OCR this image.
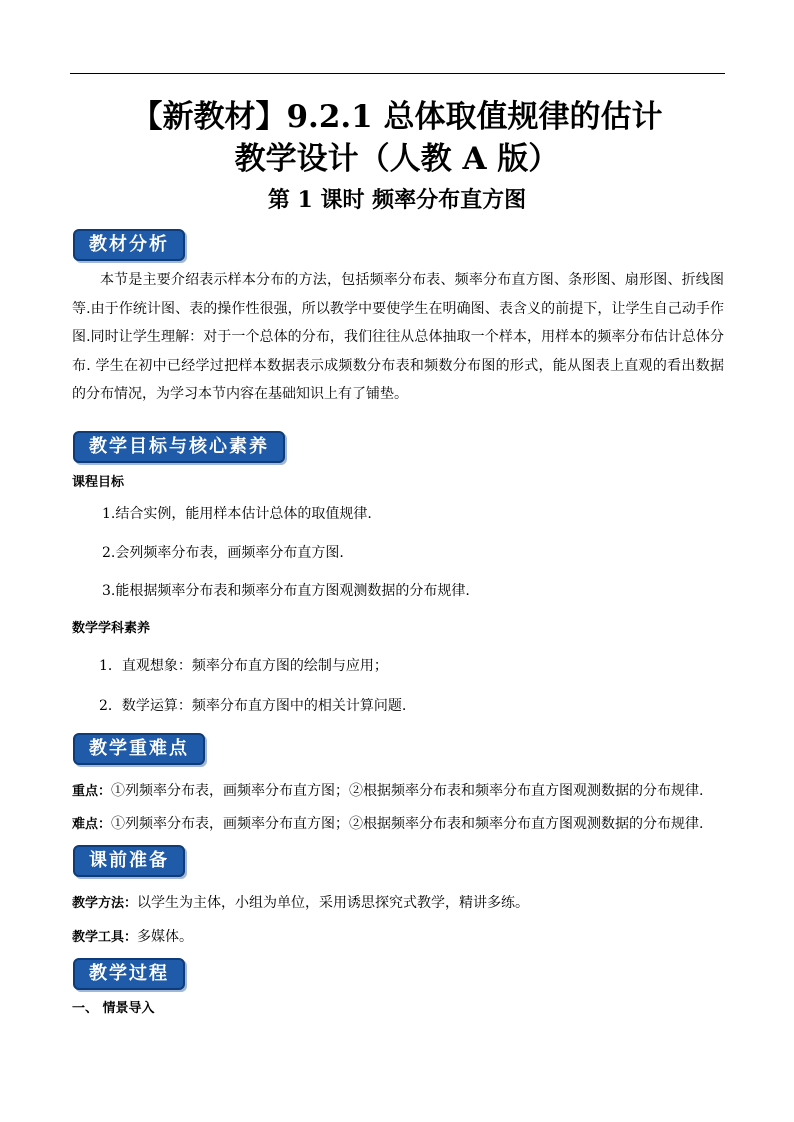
【新教材】9.2.1 总体取值规律的估计
教学设计（人教 A 版）
第 1 课时 频率分布直方图
教材分析
本节是主要介绍表示样本分布的方法，包括频率分布表、频率分布直方图、条形图、扇形图、折线图等.由于作统计图、表的操作性很强，所以教学中要使学生在明确图、表含义的前提下，让学生自己动手作图.同时让学生理解：对于一个总体的分布，我们往往从总体抽取一个样本，用样本的频率分布估计总体分布. 学生在初中已经学过把样本数据表示成频数分布表和频数分布图的形式，能从图表上直观的看出数据的分布情况，为学习本节内容在基础知识上有了铺垫。
教学目标与核心素养
课程目标
1.结合实例，能用样本估计总体的取值规律.
2.会列频率分布表，画频率分布直方图.
3.能根据频率分布表和频率分布直方图观测数据的分布规律.
数学学科素养
1．直观想象：频率分布直方图的绘制与应用；
2．数学运算：频率分布直方图中的相关计算问题.
教学重难点
重点：①列频率分布表，画频率分布直方图；②根据频率分布表和频率分布直方图观测数据的分布规律.
难点：①列频率分布表，画频率分布直方图；②根据频率分布表和频率分布直方图观测数据的分布规律.
课前准备
教学方法：以学生为主体，小组为单位，采用诱思探究式教学，精讲多练。
教学工具：多媒体。
教学过程
一、 情景导入
